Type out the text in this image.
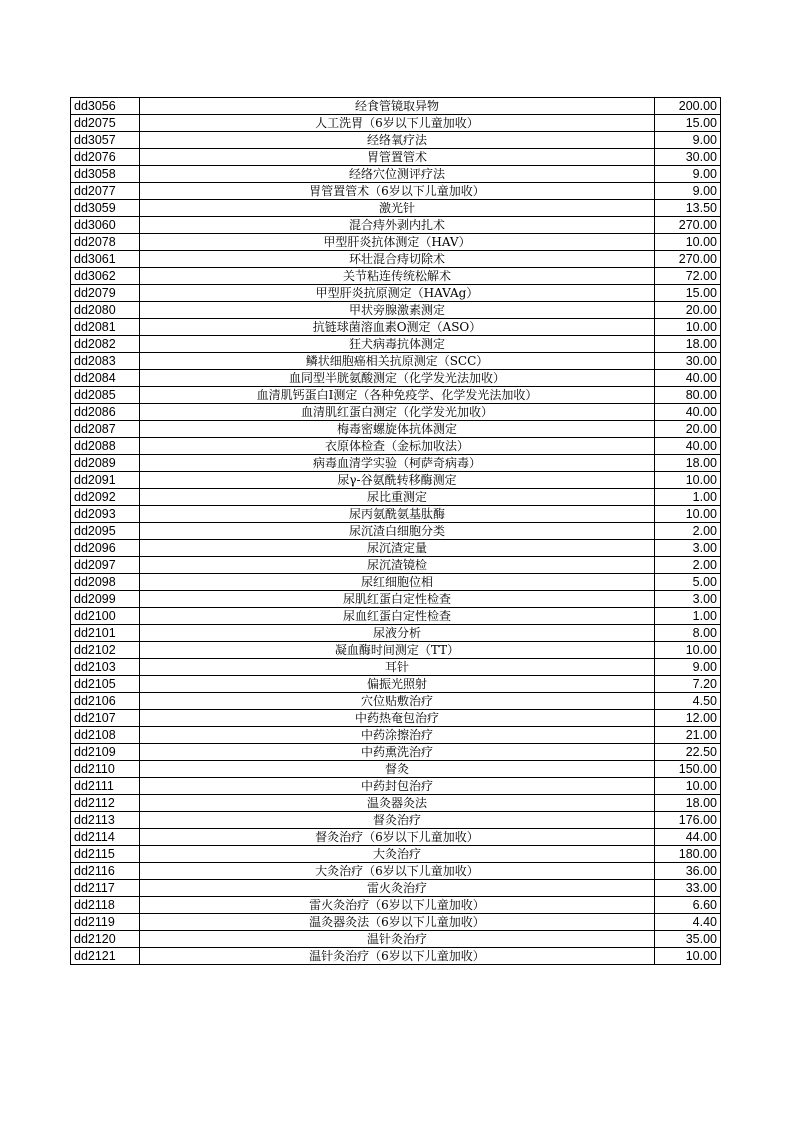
dd3056	经食管镜取异物	200.00
dd2075	人工洗胃（6岁以下儿童加收）	15.00
dd3057	经络氧疗法	9.00
dd2076	胃管置管术	30.00
dd3058	经络穴位测评疗法	9.00
dd2077	胃管置管术（6岁以下儿童加收）	9.00
dd3059	激光针	13.50
dd3060	混合痔外剥内扎术	270.00
dd2078	甲型肝炎抗体测定（HAV）	10.00
dd3061	环壮混合痔切除术	270.00
dd3062	关节粘连传统松解术	72.00
dd2079	甲型肝炎抗原测定（HAVAg）	15.00
dd2080	甲状旁腺激素测定	20.00
dd2081	抗链球菌溶血素O测定（ASO）	10.00
dd2082	狂犬病毒抗体测定	18.00
dd2083	鳞状细胞癌相关抗原测定（SCC）	30.00
dd2084	血同型半胱氨酸测定（化学发光法加收）	40.00
dd2085	血清肌钙蛋白I测定（各种免疫学、化学发光法加收）	80.00
dd2086	血清肌红蛋白测定（化学发光加收）	40.00
dd2087	梅毒密螺旋体抗体测定	20.00
dd2088	衣原体检查（金标加收法）	40.00
dd2089	病毒血清学实验（柯萨奇病毒）	18.00
dd2091	尿γ-谷氨酰转移酶测定	10.00
dd2092	尿比重测定	1.00
dd2093	尿丙氨酰氨基肽酶	10.00
dd2095	尿沉渣白细胞分类	2.00
dd2096	尿沉渣定量	3.00
dd2097	尿沉渣镜检	2.00
dd2098	尿红细胞位相	5.00
dd2099	尿肌红蛋白定性检查	3.00
dd2100	尿血红蛋白定性检查	1.00
dd2101	尿液分析	8.00
dd2102	凝血酶时间测定（TT）	10.00
dd2103	耳针	9.00
dd2105	偏振光照射	7.20
dd2106	穴位贴敷治疗	4.50
dd2107	中药热奄包治疗	12.00
dd2108	中药涂擦治疗	21.00
dd2109	中药熏洗治疗	22.50
dd2110	督灸	150.00
dd2111	中药封包治疗	10.00
dd2112	温灸器灸法	18.00
dd2113	督灸治疗	176.00
dd2114	督灸治疗（6岁以下儿童加收）	44.00
dd2115	大灸治疗	180.00
dd2116	大灸治疗（6岁以下儿童加收）	36.00
dd2117	雷火灸治疗	33.00
dd2118	雷火灸治疗（6岁以下儿童加收）	6.60
dd2119	温灸器灸法（6岁以下儿童加收）	4.40
dd2120	温针灸治疗	35.00
dd2121	温针灸治疗（6岁以下儿童加收）	10.00
